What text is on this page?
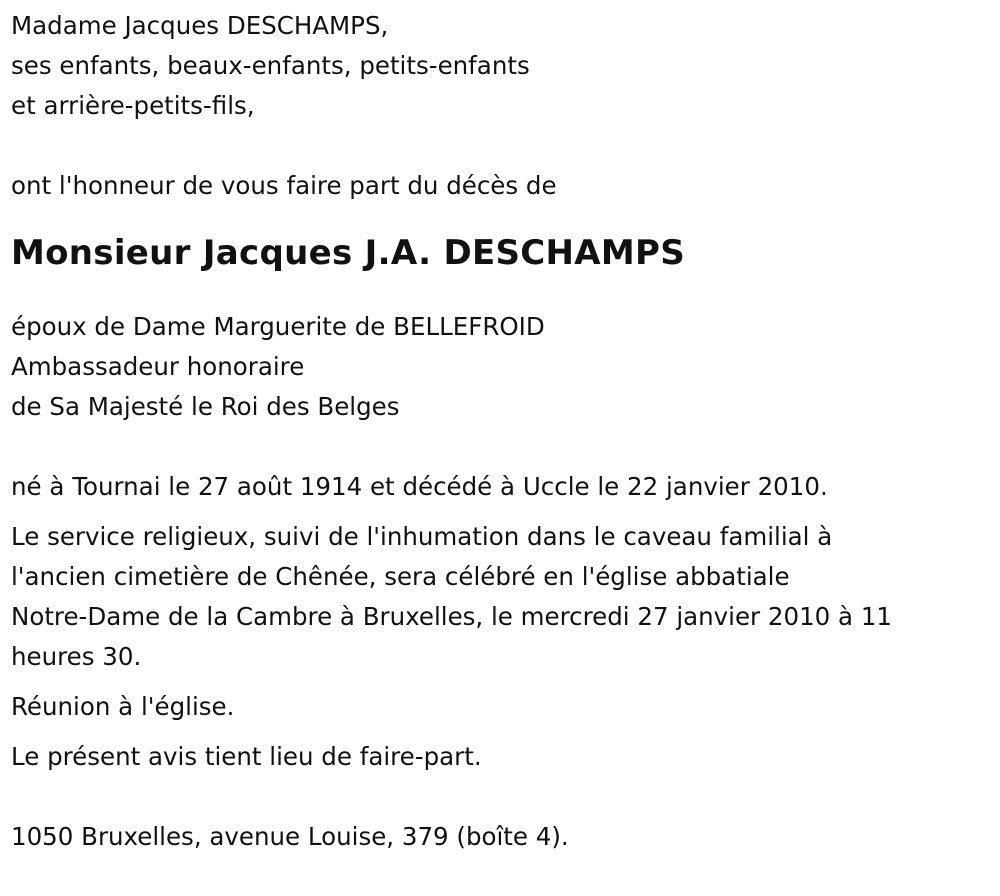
Madame Jacques DESCHAMPS,
ses enfants, beaux-enfants, petits-enfants
et arrière-petits-fils,
ont l'honneur de vous faire part du décès de
Monsieur Jacques J.A. DESCHAMPS
époux de Dame Marguerite de BELLEFROID
Ambassadeur honoraire
de Sa Majesté le Roi des Belges
né à Tournai le 27 août 1914 et décédé à Uccle le 22 janvier 2010.
Le service religieux, suivi de l'inhumation dans le caveau familial à
l'ancien cimetière de Chênée, sera célébré en l'église abbatiale
Notre-Dame de la Cambre à Bruxelles, le mercredi 27 janvier 2010 à 11
heures 30.
Réunion à l'église.
Le présent avis tient lieu de faire-part.
1050 Bruxelles, avenue Louise, 379 (boîte 4).
